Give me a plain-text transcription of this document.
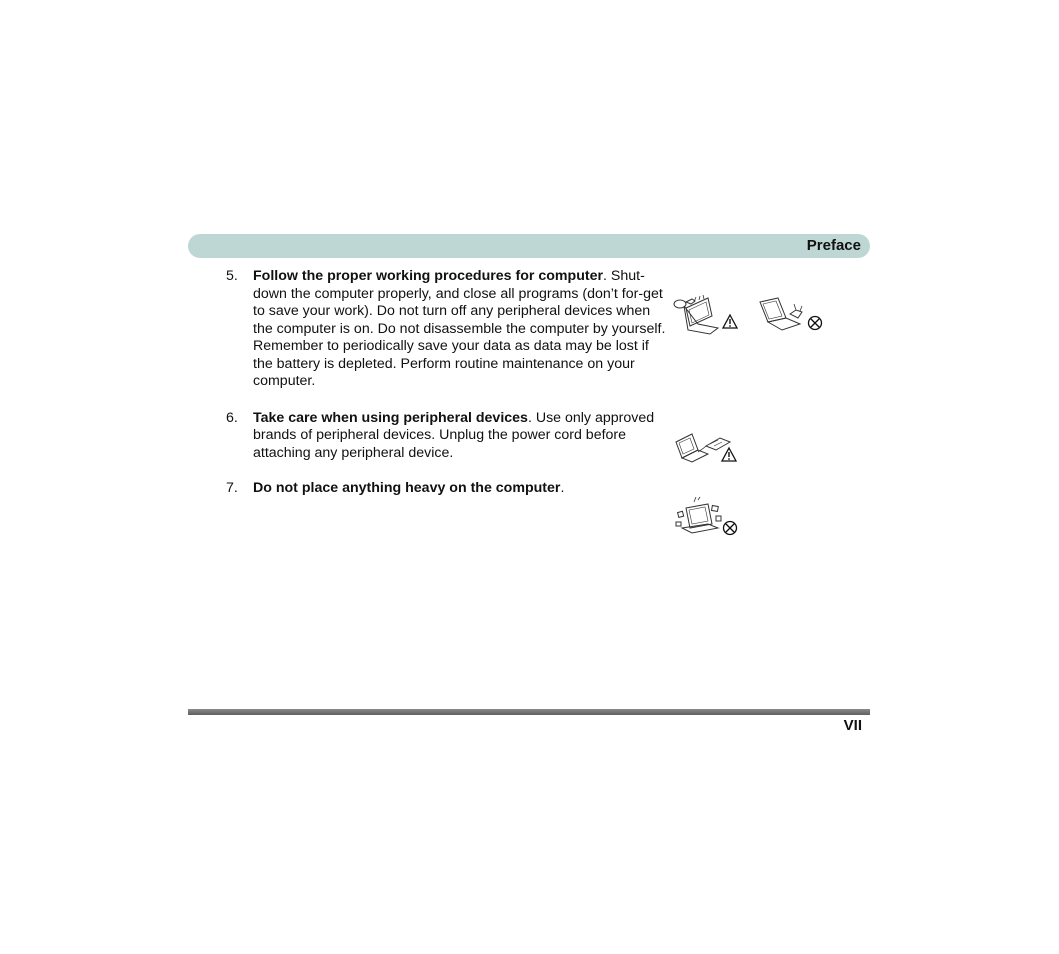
Preface
5. Follow the proper working procedures for computer. Shut-down the computer properly, and close all programs (don’t for-get to save your work). Do not turn off any peripheral devices when the computer is on. Do not disassemble the computer by yourself. Remember to periodically save your data as data may be lost if the battery is depleted. Perform routine maintenance on your computer.

6. Take care when using peripheral devices. Use only approved brands of peripheral devices. Unplug the power cord before attaching any peripheral device.

7. Do not place anything heavy on the computer.

VII
